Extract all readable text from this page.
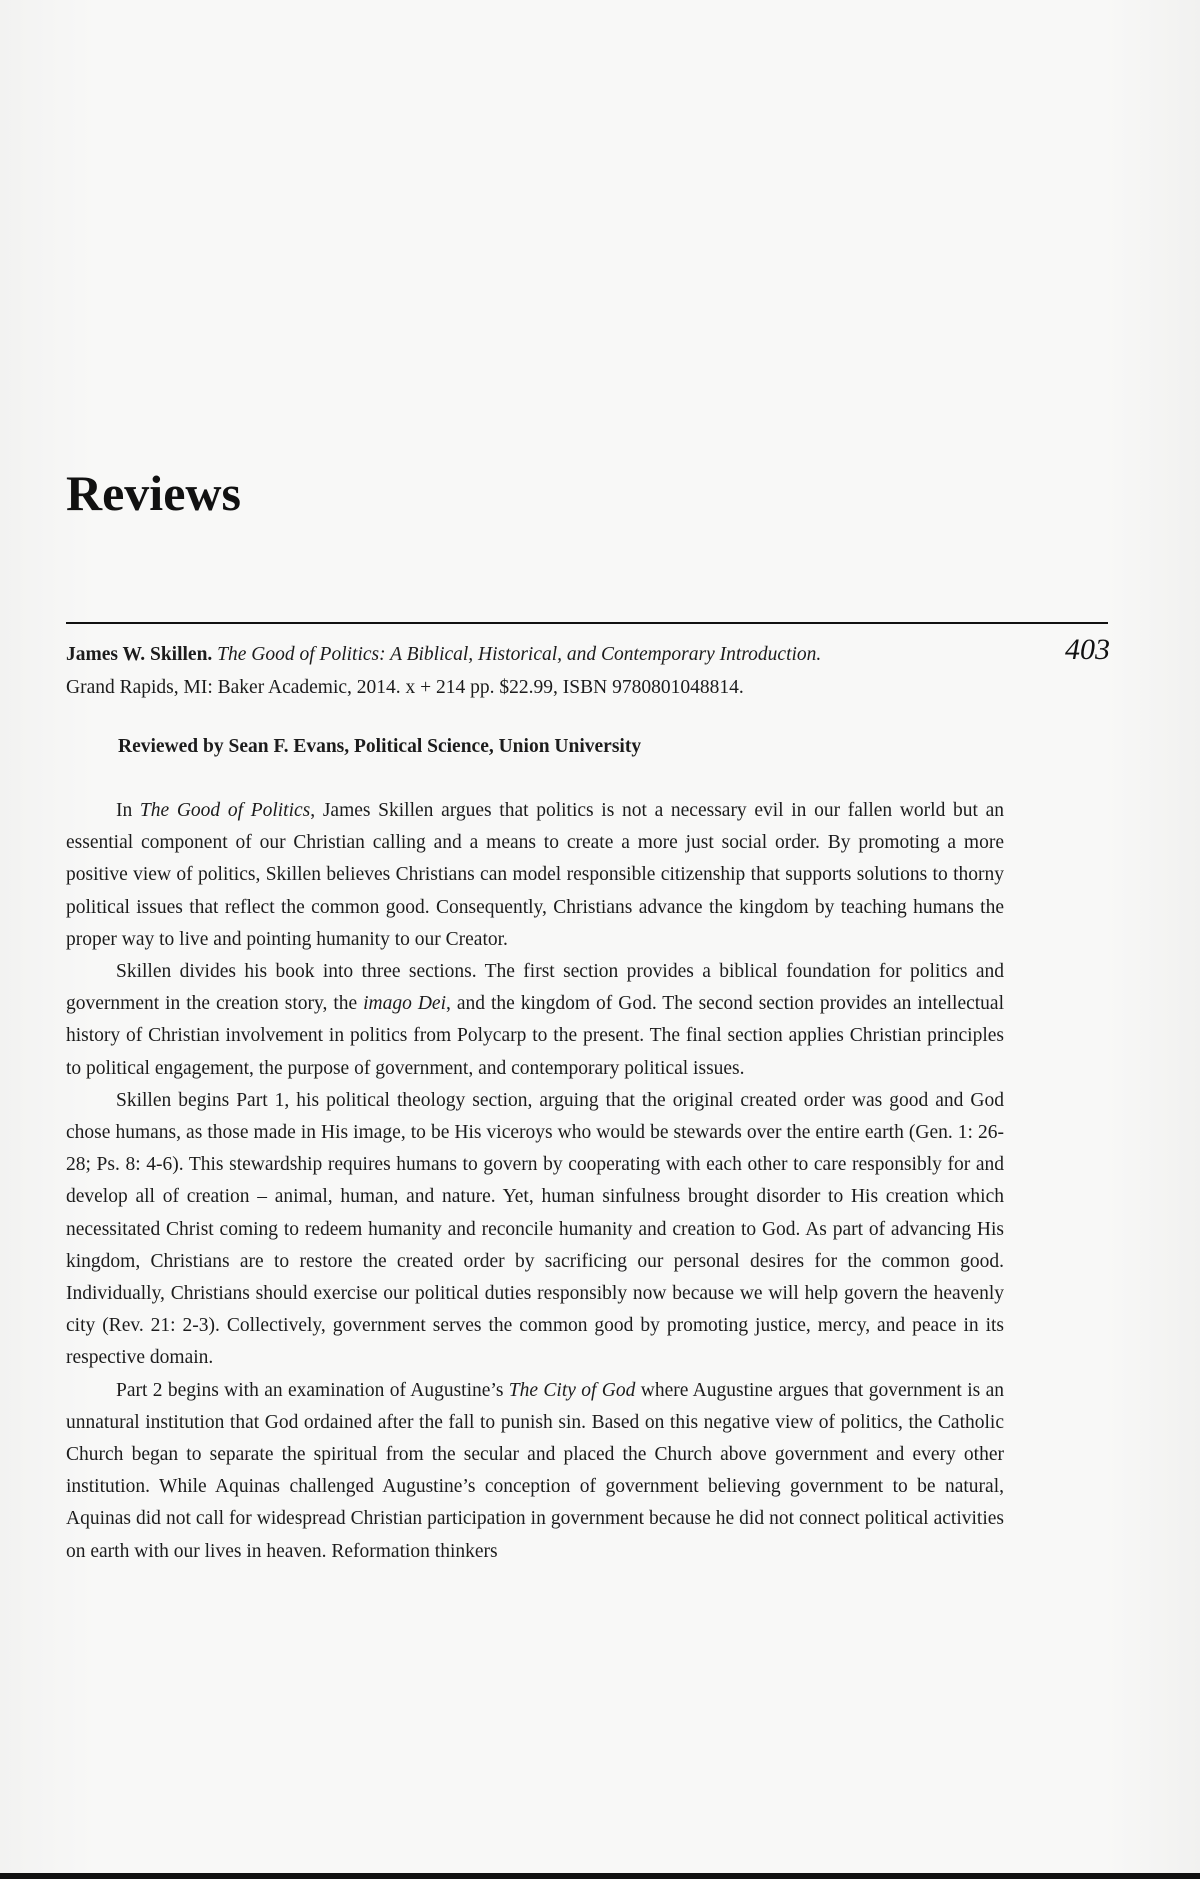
Reviews
403
James W. Skillen. The Good of Politics: A Biblical, Historical, and Contemporary Introduction.
Grand Rapids, MI: Baker Academic, 2014. x + 214 pp. $22.99, ISBN 9780801048814.
Reviewed by Sean F. Evans, Political Science, Union University

In The Good of Politics, James Skillen argues that politics is not a necessary evil in our fallen world but an essential component of our Christian calling and a means to create a more just social order. By promoting a more positive view of politics, Skillen believes Christians can model responsible citizenship that supports solutions to thorny political issues that reflect the common good. Consequently, Christians advance the kingdom by teaching humans the proper way to live and pointing humanity to our Creator.

Skillen divides his book into three sections. The first section provides a biblical foundation for politics and government in the creation story, the imago Dei, and the kingdom of God. The second section provides an intellectual history of Christian involvement in politics from Polycarp to the present. The final section applies Christian principles to political engagement, the purpose of government, and contemporary political issues.

Skillen begins Part 1, his political theology section, arguing that the original created order was good and God chose humans, as those made in His image, to be His viceroys who would be stewards over the entire earth (Gen. 1: 26-28; Ps. 8: 4-6). This stewardship requires humans to govern by cooperating with each other to care responsibly for and develop all of creation – animal, human, and nature. Yet, human sinfulness brought disorder to His creation which necessitated Christ coming to redeem humanity and reconcile humanity and creation to God. As part of advancing His kingdom, Christians are to restore the created order by sacrificing our personal desires for the common good. Individually, Christians should exercise our political duties responsibly now because we will help govern the heavenly city (Rev. 21: 2-3). Collectively, government serves the common good by promoting justice, mercy, and peace in its respective domain.

Part 2 begins with an examination of Augustine’s The City of God where Augustine argues that government is an unnatural institution that God ordained after the fall to punish sin. Based on this negative view of politics, the Catholic Church began to separate the spiritual from the secular and placed the Church above government and every other institution. While Aquinas challenged Augustine’s conception of government believing government to be natural, Aquinas did not call for widespread Christian participation in government because he did not connect political activities on earth with our lives in heaven. Reformation thinkers
